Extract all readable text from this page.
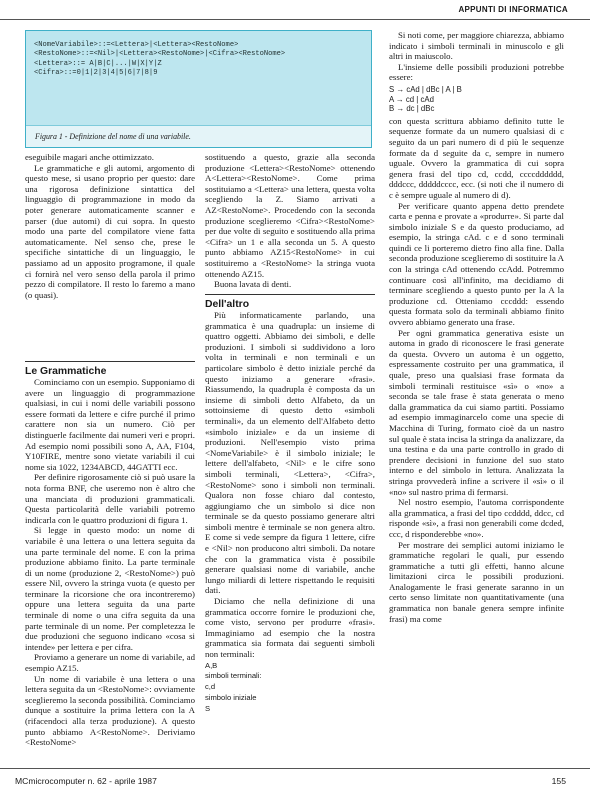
APPUNTI DI INFORMATICA
<NomeVariabile>::=<Lettera>|<Lettera><RestoNome>
<RestoNome>::=<Nil>|<Lettera><RestoNome>|<Cifra><RestoNome>
<Lettera>::= A|B|C|...|W|X|Y|Z
<Cifra>::=0|1|2|3|4|5|6|7|8|9
Figura 1 - Definizione del nome di una variabile.

eseguibile magari anche ottimizzato.

Le grammatiche e gli automi, argomento di questo mese, si usano proprio per questo: dare una rigorosa definizione sintattica del linguaggio di programmazione in modo da poter generare automaticamente scanner e parser (due automi) di cui sopra. In questo modo una parte del compilatore viene fatta automaticamente. Nel senso che, prese le specifiche sintattiche di un linguaggio, le passiamo ad un apposito programone, il quale ci fornirà nel vero senso della parola il primo pezzo di compilatore. Il resto lo faremo a mano (o quasi).

Le Grammatiche

Cominciamo con un esempio. Supponiamo di avere un linguaggio di programmazione qualsiasi, in cui i nomi delle variabili possono essere formati da lettere e cifre purché il primo carattere non sia un numero. Ciò per distinguerle facilmente dai numeri veri e propri. Ad esempio nomi possibili sono A, AA, F104, Y10FIRE, mentre sono vietate variabili il cui nome sia 1022, 1234ABCD, 44GATTI ecc.

Per definire rigorosamente ciò si può usare la nota forma BNF, che useremo non è altro che una manciata di produzioni grammaticali. Questa particolarità delle variabili potremo indicarla con le quattro produzioni di figura 1.

Si legge in questo modo: un nome di variabile è una lettera o una lettera seguita da una parte terminale del nome. E con la prima produzione abbiamo finito. La parte terminale di un nome (produzione 2, <RestoNome>) può essere Nil, ovvero la stringa vuota (e questo per terminare la ricorsione che ora incontreremo) oppure una lettera seguita da una parte terminale di nome o una cifra seguita da una parte terminale di un nome. Per completezza le due produzioni che seguono indicano «cosa si intende» per lettera e per cifra.

Proviamo a generare un nome di variabile, ad esempio AZ15.

Un nome di variabile è una lettera o una lettera seguita da un <RestoNome>: ovviamente sceglieremo la seconda possibilità. Cominciamo dunque a sostituire la prima lettera con la A (rifacendoci alla terza produzione). A questo punto abbiamo A<RestoNome>. Deriviamo <RestoNome>

sostituendo a questo, grazie alla seconda produzione <Lettera><RestoNome> ottenendo A<Lettera><RestoNome>. Come prima sostituiamo a <Lettera> una lettera, questa volta scegliendo la Z. Siamo arrivati a AZ<RestoNome>. Procedendo con la seconda produzione sceglieremo <Cifra><RestoNome> per due volte di seguito e sostituendo alla prima <Cifra> un 1 e alla seconda un 5. A questo punto abbiamo AZ15<RestoNome> in cui sostituiremo a <RestoNome> la stringa vuota ottenendo AZ15.

Buona lavata di denti.

Dell'altro

Più informaticamente parlando, una grammatica è una quadrupla: un insieme di quattro oggetti. Abbiamo dei simboli, e delle produzioni. I simboli si suddividono a loro volta in terminali e non terminali e un particolare simbolo è detto iniziale perché da questo iniziamo a generare «frasi». Riassumendo, la quadrupla è composta da un insieme di simboli detto Alfabeto, da un sottoinsieme di questo detto «simboli terminali», da un elemento dell'Alfabeto detto «simbolo iniziale» e da un insieme di produzioni. Nell'esempio visto prima <NomeVariabile> è il simbolo iniziale; le lettere dell'alfabeto, <Nil> e le cifre sono simboli terminali, <Lettera>, <Cifra>, <RestoNome> sono i simboli non terminali. Qualora non fosse chiaro dal contesto, aggiungiamo che un simbolo si dice non terminale se da questo possiamo generare altri simboli mentre è terminale se non genera altro. E come si vede sempre da figura 1 lettere, cifre e <Nil> non producono altri simboli. Da notare che con la grammatica vista è possibile generare qualsiasi nome di variabile, anche lungo miliardi di lettere rispettando le requisiti dati.

Diciamo che nella definizione di una grammatica occorre fornire le produzioni che, come visto, servono per produrre «frasi». Immaginiamo ad esempio che la nostra grammatica sia formata dai seguenti simboli non terminali:

A,B
simboli terminali:
c,d
simbolo iniziale
S

Si noti come, per maggiore chiarezza, abbiamo indicato i simboli terminali in minuscolo e gli altri in maiuscolo.

L'insieme delle possibili produzioni potrebbe essere:

S → cAd | dBc | A | B
A → cd | cAd
B → dc | dBc

con questa scrittura abbiamo definito tutte le sequenze formate da un numero qualsiasi di c seguito da un pari numero di d più le sequenze formate da d seguite da c, sempre in numero uguale. Ovvero la grammatica di cui sopra genera frasi del tipo cd, ccdd, ccccdddddd, dddccc, dddddcccc, ecc. (si noti che il numero di c è sempre uguale al numero di d).

Per verificare quanto appena detto prendete carta e penna e provate a «produrre». Si parte dal simbolo iniziale S e da questo produciamo, ad esempio, la stringa cAd. c e d sono terminali quindi ce li porteremo dietro fino alla fine. Dalla seconda produzione sceglieremo di sostituire la A con la stringa cAd ottenendo ccAdd. Potremmo continuare così all'infinito, ma decidiamo di terminare scegliendo a questo punto per la A la produzione cd. Otteniamo cccddd: essendo questa formata solo da terminali abbiamo finito ovvero abbiamo generato una frase.

Per ogni grammatica generativa esiste un automa in grado di riconoscere le frasi generate da questa. Ovvero un automa è un oggetto, espressamente costruito per una grammatica, il quale, preso una qualsiasi frase formata da simboli terminali restituisce «sì» o «no» a seconda se tale frase è stata generata o meno dalla grammatica da cui siamo partiti. Possiamo ad esempio immaginarcelo come una specie di Macchina di Turing, formato cioè da un nastro sul quale è stata incisa la stringa da analizzare, da una testina e da una parte controllo in grado di prendere decisioni in funzione del suo stato interno e del simbolo in lettura. Analizzata la stringa provvederà infine a scrivere il «sì» o il «no» sul nastro prima di fermarsi.

Nel nostro esempio, l'automa corrispondente alla grammatica, a frasi del tipo ccdddd, ddcc, cd risponde «sì», a frasi non generabili come dcded, ccc, d risponderebbe «no».

Per mostrare dei semplici automi iniziamo le grammatiche regolari le quali, pur essendo grammatiche a tutti gli effetti, hanno alcune limitazioni circa le possibili produzioni. Analogamente le frasi generate saranno in un certo senso limitate non quantitativamente (una grammatica non banale genera sempre infinite frasi) ma come

MCmicrocomputer n. 62 - aprile 1987	155
